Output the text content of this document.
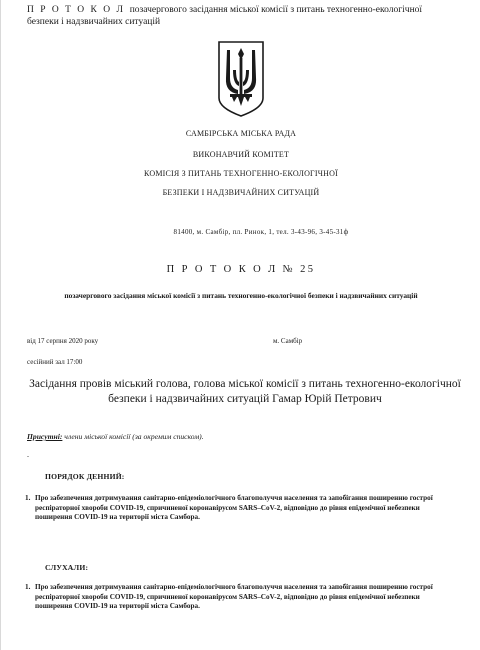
П Р О Т О К О Л позачергового засідання міської комісії з питань техногенно-екологічної
безпеки і надзвичайних ситуацій
САМБІРСЬКА МІСЬКА РАДА
ВИКОНАВЧИЙ КОМІТЕТ
КОМІСІЯ З ПИТАНЬ ТЕХНОГЕННО-ЕКОЛОГІЧНОЇ
БЕЗПЕКИ І НАДЗВИЧАЙНИХ СИТУАЦІЙ
81400, м. Самбір, пл. Ринок, 1, тел. 3-43-96, 3-45-31ф
П Р О Т О К О Л № 25
позачергового засідання міської комісії з питань техногенно-екологічної безпеки і надзвичайних ситуацій
від 17 серпня 2020 року	м. Самбір
сесійний зал 17:00
Засідання провів міський голова, голова міської комісії з питань техногенно-екологічної безпеки і надзвичайних ситуацій Гамар Юрій Петрович
Присутні: члени міської комісії (за окремим списком).
.
ПОРЯДОК ДЕННИЙ:
1. Про забезпечення дотримування санітарно-епідеміологічного благополуччя населення та запобігання поширенню гострої респіраторної хвороби COVID-19, спричиненої коронавірусом SARS–CoV-2, відповідно до рівня епідемічної небезпеки поширення COVID-19 на території міста Самбора.
СЛУХАЛИ:
1. Про забезпечення дотримування санітарно-епідеміологічного благополуччя населення та запобігання поширенню гострої респіраторної хвороби COVID-19, спричиненої коронавірусом SARS–CoV-2, відповідно до рівня епідемічної небезпеки поширення COVID-19 на території міста Самбора.
